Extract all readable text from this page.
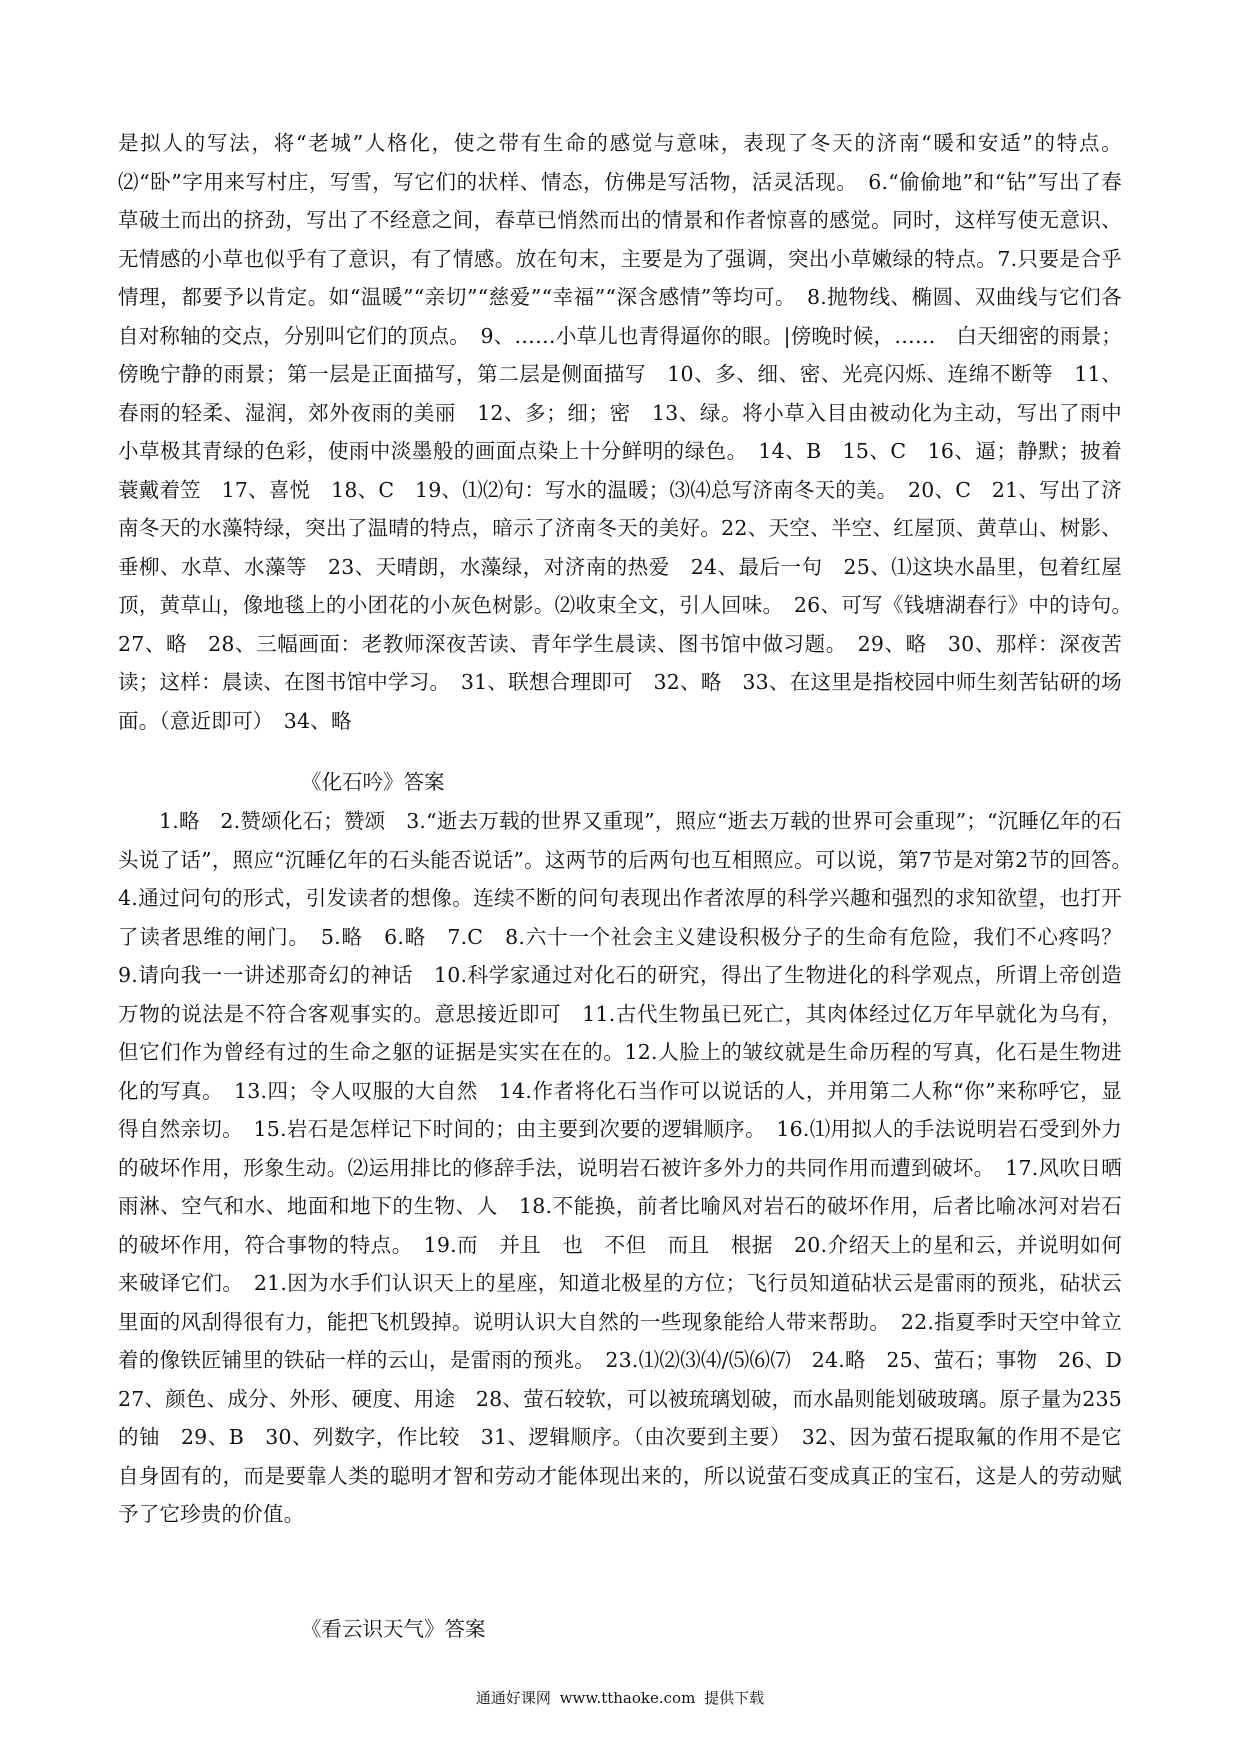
是拟人的写法，将“老城”人格化，使之带有生命的感觉与意味，表现了冬天的济南“暖和安适”的特点。⑵“卧”字用来写村庄，写雪，写它们的状样、情态，仿佛是写活物，活灵活现。　6.“偷偷地”和“钻”写出了春草破土而出的挤劲，写出了不经意之间，春草已悄然而出的情景和作者惊喜的感觉。同时，这样写使无意识、无情感的小草也似乎有了意识，有了情感。放在句末，主要是为了强调，突出小草嫩绿的特点。7.只要是合乎情理，都要予以肯定。如“温暖”“亲切”“慈爱”“幸福”“深含感情”等均可。　8.抛物线、椭圆、双曲线与它们各自对称轴的交点，分别叫它们的顶点。　9、……小草儿也青得逼你的眼。|傍晚时候，……　白天细密的雨景；傍晚宁静的雨景；第一层是正面描写，第二层是侧面描写　10、多、细、密、光亮闪烁、连绵不断等　11、春雨的轻柔、湿润，郊外夜雨的美丽　12、多；细；密　13、绿。将小草入目由被动化为主动，写出了雨中小草极其青绿的色彩，使雨中淡墨般的画面点染上十分鲜明的绿色。　14、B　15、C　16、逼；静默；披着蓑戴着笠　17、喜悦　18、C　19、⑴⑵句：写水的温暖；⑶⑷总写济南冬天的美。　20、C　21、写出了济南冬天的水藻特绿，突出了温晴的特点，暗示了济南冬天的美好。22、天空、半空、红屋顶、黄草山、树影、垂柳、水草、水藻等　23、天晴朗，水藻绿，对济南的热爱　24、最后一句　25、⑴这块水晶里，包着红屋顶，黄草山，像地毯上的小团花的小灰色树影。⑵收束全文，引人回味。　26、可写《钱塘湖春行》中的诗句。　27、略　28、三幅画面：老教师深夜苦读、青年学生晨读、图书馆中做习题。　29、略　30、那样：深夜苦读；这样：晨读、在图书馆中学习。　31、联想合理即可　32、略　33、在这里是指校园中师生刻苦钻研的场面。（意近即可）　34、略
《化石吟》答案
1.略　2.赞颂化石；赞颂　3.“逝去万载的世界又重现”，照应“逝去万载的世界可会重现”；“沉睡亿年的石头说了话”，照应“沉睡亿年的石头能否说话”。这两节的后两句也互相照应。可以说，第7节是对第2节的回答。　4.通过问句的形式，引发读者的想像。连续不断的问句表现出作者浓厚的科学兴趣和强烈的求知欲望，也打开了读者思维的闸门。　5.略　6.略　7.C　8.六十一个社会主义建设积极分子的生命有危险，我们不心疼吗？　9.请向我一一讲述那奇幻的神话　10.科学家通过对化石的研究，得出了生物进化的科学观点，所谓上帝创造万物的说法是不符合客观事实的。意思接近即可　11.古代生物虽已死亡，其肉体经过亿万年早就化为乌有，但它们作为曾经有过的生命之躯的证据是实实在在的。12.人脸上的皱纹就是生命历程的写真，化石是生物进化的写真。　13.四；令人叹服的大自然　14.作者将化石当作可以说话的人，并用第二人称“你”来称呼它，显得自然亲切。　15.岩石是怎样记下时间的；由主要到次要的逻辑顺序。　16.⑴用拟人的手法说明岩石受到外力的破坏作用，形象生动。⑵运用排比的修辞手法，说明岩石被许多外力的共同作用而遭到破坏。　17.风吹日晒雨淋、空气和水、地面和地下的生物、人　18.不能换，前者比喻风对岩石的破坏作用，后者比喻冰河对岩石的破坏作用，符合事物的特点。　19.而　并且　也　不但　而且　根据　20.介绍天上的星和云，并说明如何来破译它们。　21.因为水手们认识天上的星座，知道北极星的方位；飞行员知道砧状云是雷雨的预兆，砧状云里面的风刮得很有力，能把飞机毁掉。说明认识大自然的一些现象能给人带来帮助。　22.指夏季时天空中耸立着的像铁匠铺里的铁砧一样的云山，是雷雨的预兆。　23.⑴⑵⑶⑷/⑸⑹⑺　24.略　25、萤石；事物　26、D　27、颜色、成分、外形、硬度、用途　28、萤石较软，可以被琉璃划破，而水晶则能划破玻璃。原子量为235的铀　29、B　30、列数字，作比较　31、逻辑顺序。（由次要到主要）　32、因为萤石提取氟的作用不是它自身固有的，而是要靠人类的聪明才智和劳动才能体现出来的，所以说萤石变成真正的宝石，这是人的劳动赋予了它珍贵的价值。
《看云识天气》答案
通通好课网 www.tthaoke.com 提供下载
